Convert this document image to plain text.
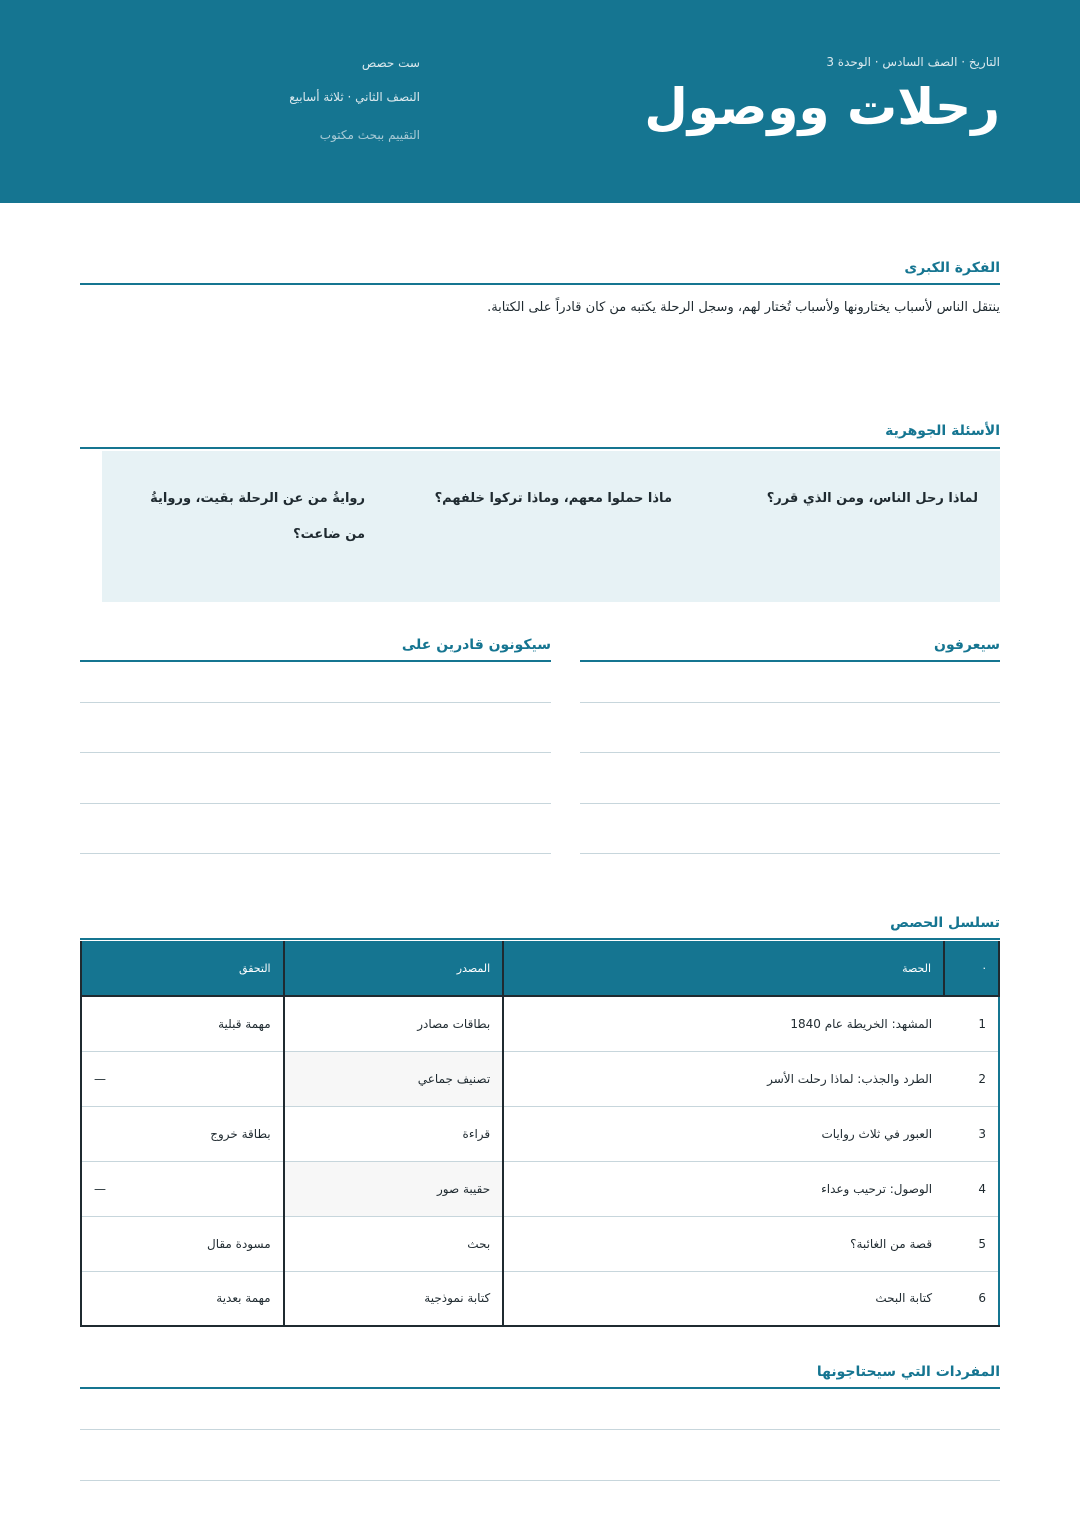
التاريخ · الصف السادس · الوحدة 3
رحلات ووصول
ست حصص
النصف الثاني · ثلاثة أسابيع
التقييم ببحث مكتوب
الفكرة الكبرى
ينتقل الناس لأسباب يختارونها ولأسباب تُختار لهم، وسجل الرحلة يكتبه من كان قادراً على الكتابة.
الأسئلة الجوهرية
لماذا رحل الناس، ومن الذي قرر؟
ماذا حملوا معهم، وماذا تركوا خلفهم؟
روايةُ من عن الرحلة بقيت، وروايةُ من ضاعت؟
سيعرفون
سيكونون قادرين على
تسلسل الحصص
·	الحصة	المصدر	التحقق
1	المشهد: الخريطة عام 1840	بطاقات مصادر	مهمة قبلية
2	الطرد والجذب: لماذا رحلت الأسر	تصنيف جماعي	—
3	العبور في ثلاث روايات	قراءة	بطاقة خروج
4	الوصول: ترحيب وعداء	حقيبة صور	—
5	قصة من الغائبة؟	بحث	مسودة مقال
6	كتابة البحث	كتابة نموذجية	مهمة بعدية
المفردات التي سيحتاجونها
